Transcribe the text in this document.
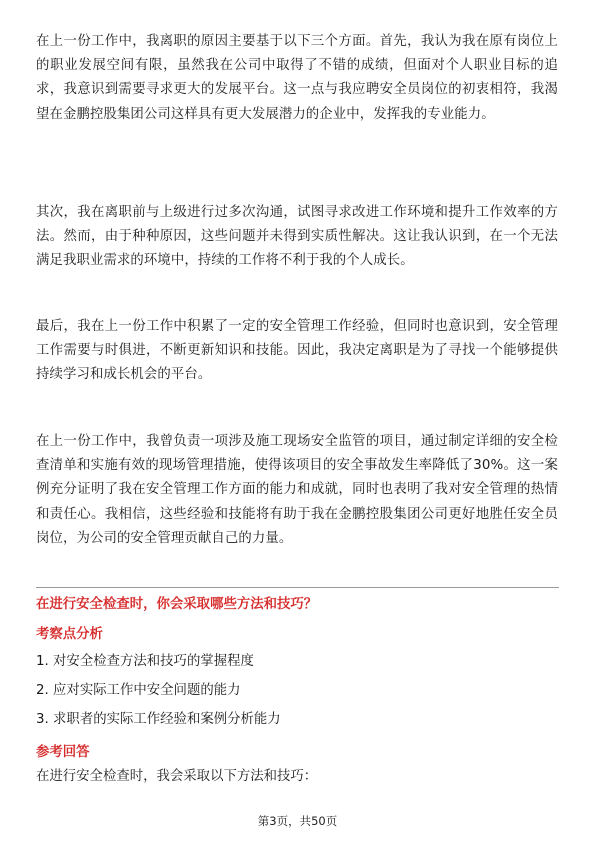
在上一份工作中，我离职的原因主要基于以下三个方面。首先，我认为我在原有岗位上的职业发展空间有限，虽然我在公司中取得了不错的成绩，但面对个人职业目标的追求，我意识到需要寻求更大的发展平台。这一点与我应聘安全员岗位的初衷相符，我渴望在金鹏控股集团公司这样具有更大发展潜力的企业中，发挥我的专业能力。
其次，我在离职前与上级进行过多次沟通，试图寻求改进工作环境和提升工作效率的方法。然而，由于种种原因，这些问题并未得到实质性解决。这让我认识到，在一个无法满足我职业需求的环境中，持续的工作将不利于我的个人成长。
最后，我在上一份工作中积累了一定的安全管理工作经验，但同时也意识到，安全管理工作需要与时俱进，不断更新知识和技能。因此，我决定离职是为了寻找一个能够提供持续学习和成长机会的平台。
在上一份工作中，我曾负责一项涉及施工现场安全监管的项目，通过制定详细的安全检查清单和实施有效的现场管理措施，使得该项目的安全事故发生率降低了30%。这一案例充分证明了我在安全管理工作方面的能力和成就，同时也表明了我对安全管理的热情和责任心。我相信，这些经验和技能将有助于我在金鹏控股集团公司更好地胜任安全员岗位，为公司的安全管理贡献自己的力量。
在进行安全检查时，你会采取哪些方法和技巧？
考察点分析
1. 对安全检查方法和技巧的掌握程度
2. 应对实际工作中安全问题的能力
3. 求职者的实际工作经验和案例分析能力
参考回答
在进行安全检查时，我会采取以下方法和技巧：
第3页，共50页
